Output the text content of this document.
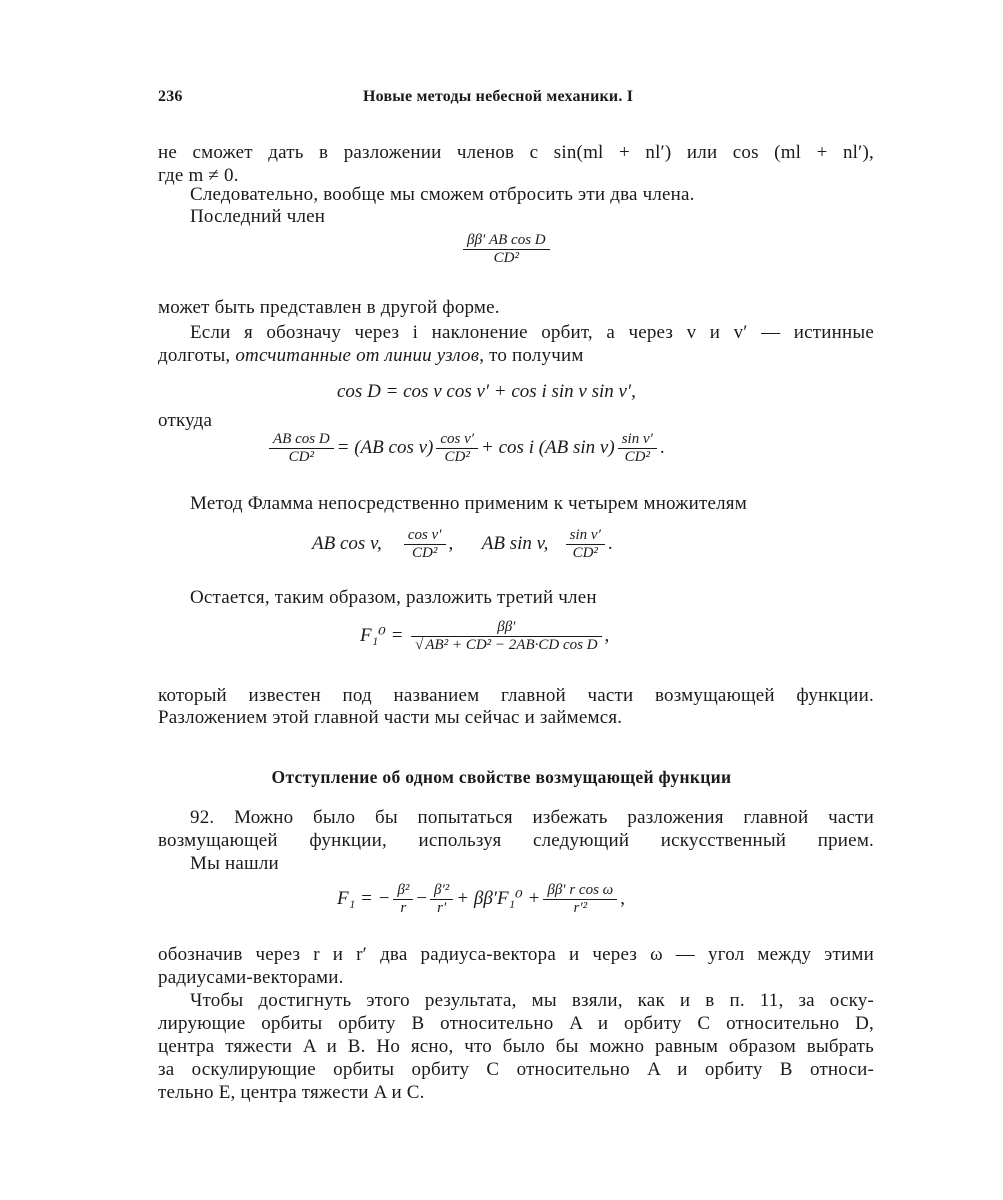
236	Новые методы небесной механики. I
не сможет дать в разложении членов с sin(ml + nl′) или cos (ml + nl′),
где m ≠ 0.
Следовательно, вообще мы сможем отбросить эти два члена.
Последний член
$\frac{\text{ββ′ AB cos D}}{\text{CD²}}$
может быть представлен в другой форме.
Если я обозначу через i наклонение орбит, а через v и v′ — истинные
долготы, отсчитанные от линии узлов, то получим
cos D = cos v cos v′ + cos i sin v sin v′,
откуда
$\frac{\text{AB cos D}}{\text{CD²}} = (AB$ $\cos v) \frac{\text{cos v′}}{\text{CD²}} + \cos i$ (AB $\sin v) \frac{\text{sin v′}}{\text{CD²}}$ .
Метод Фламма непосредственно применим к четырем множителям
AB cos v, $\frac{\text{cos v′}}{\text{CD²}}$ , AB sin v, $\frac{\text{sin v′}}{\text{CD²}}$ .
Остается, таким образом, разложить третий член
$F_1^0 = \frac{\beta\beta'}{\text{√ AB² + CD² − 2AB·CD cos D}}$ ,
который известен под названием главной части возмущающей функции.
Разложением этой главной части мы сейчас и займемся.
Отступление об одном свойстве возмущающей функции
92. Можно было бы попытаться избежать разложения главной части
возмущающей функции, используя следующий искусственный прием.
Мы нашли
F₁ = − $\frac{\text{β²}}{r} - \frac{\text{β′²}}{r'} + \beta\beta'F_1^0 + \frac{\text{ββ′ r cos ω}}{\text{r′²}}$ ,
обозначив через r и r′ два радиуса-вектора и через ω — угол между этими
радиусами-векторами.
Чтобы достигнуть этого результата, мы взяли, как и в п. 11, за оску-
лирующие орбиты орбиту B относительно A и орбиту C относительно D,
центра тяжести A и B. Но ясно, что было бы можно равным образом выбрать
за оскулирующие орбиты орбиту C относительно A и орбиту B относи-
тельно E, центра тяжести A и C.
